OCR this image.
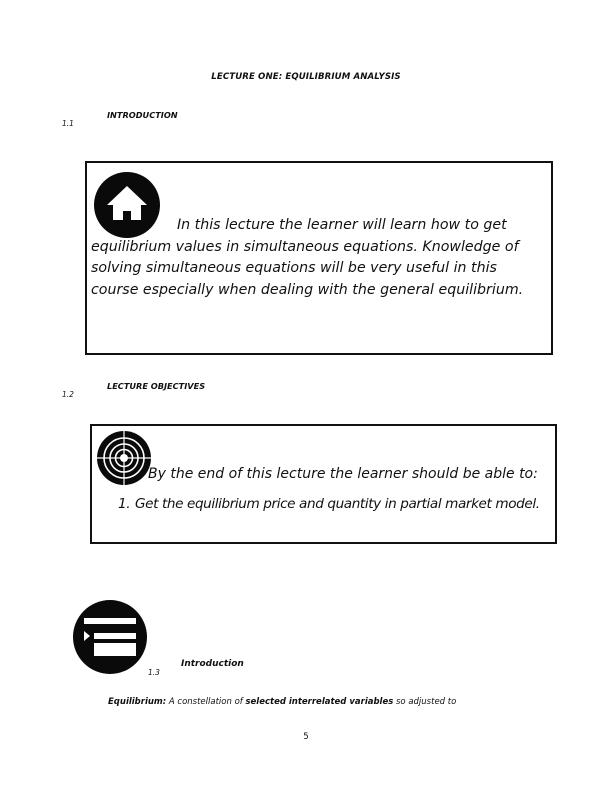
LECTURE ONE: EQUILIBRIUM ANALYSIS
1.1
INTRODUCTION
In this lecture the learner will learn how to get
equilibrium values in simultaneous equations. Knowledge of
solving simultaneous equations will be very useful in this
course especially when dealing with the general equilibrium.
1.2
LECTURE OBJECTIVES
By the end of this lecture the learner should be able to:
1. Get the equilibrium price and quantity in partial market model.
1.3
Introduction
Equilibrium: A constellation of selected interrelated variables so adjusted to
5
